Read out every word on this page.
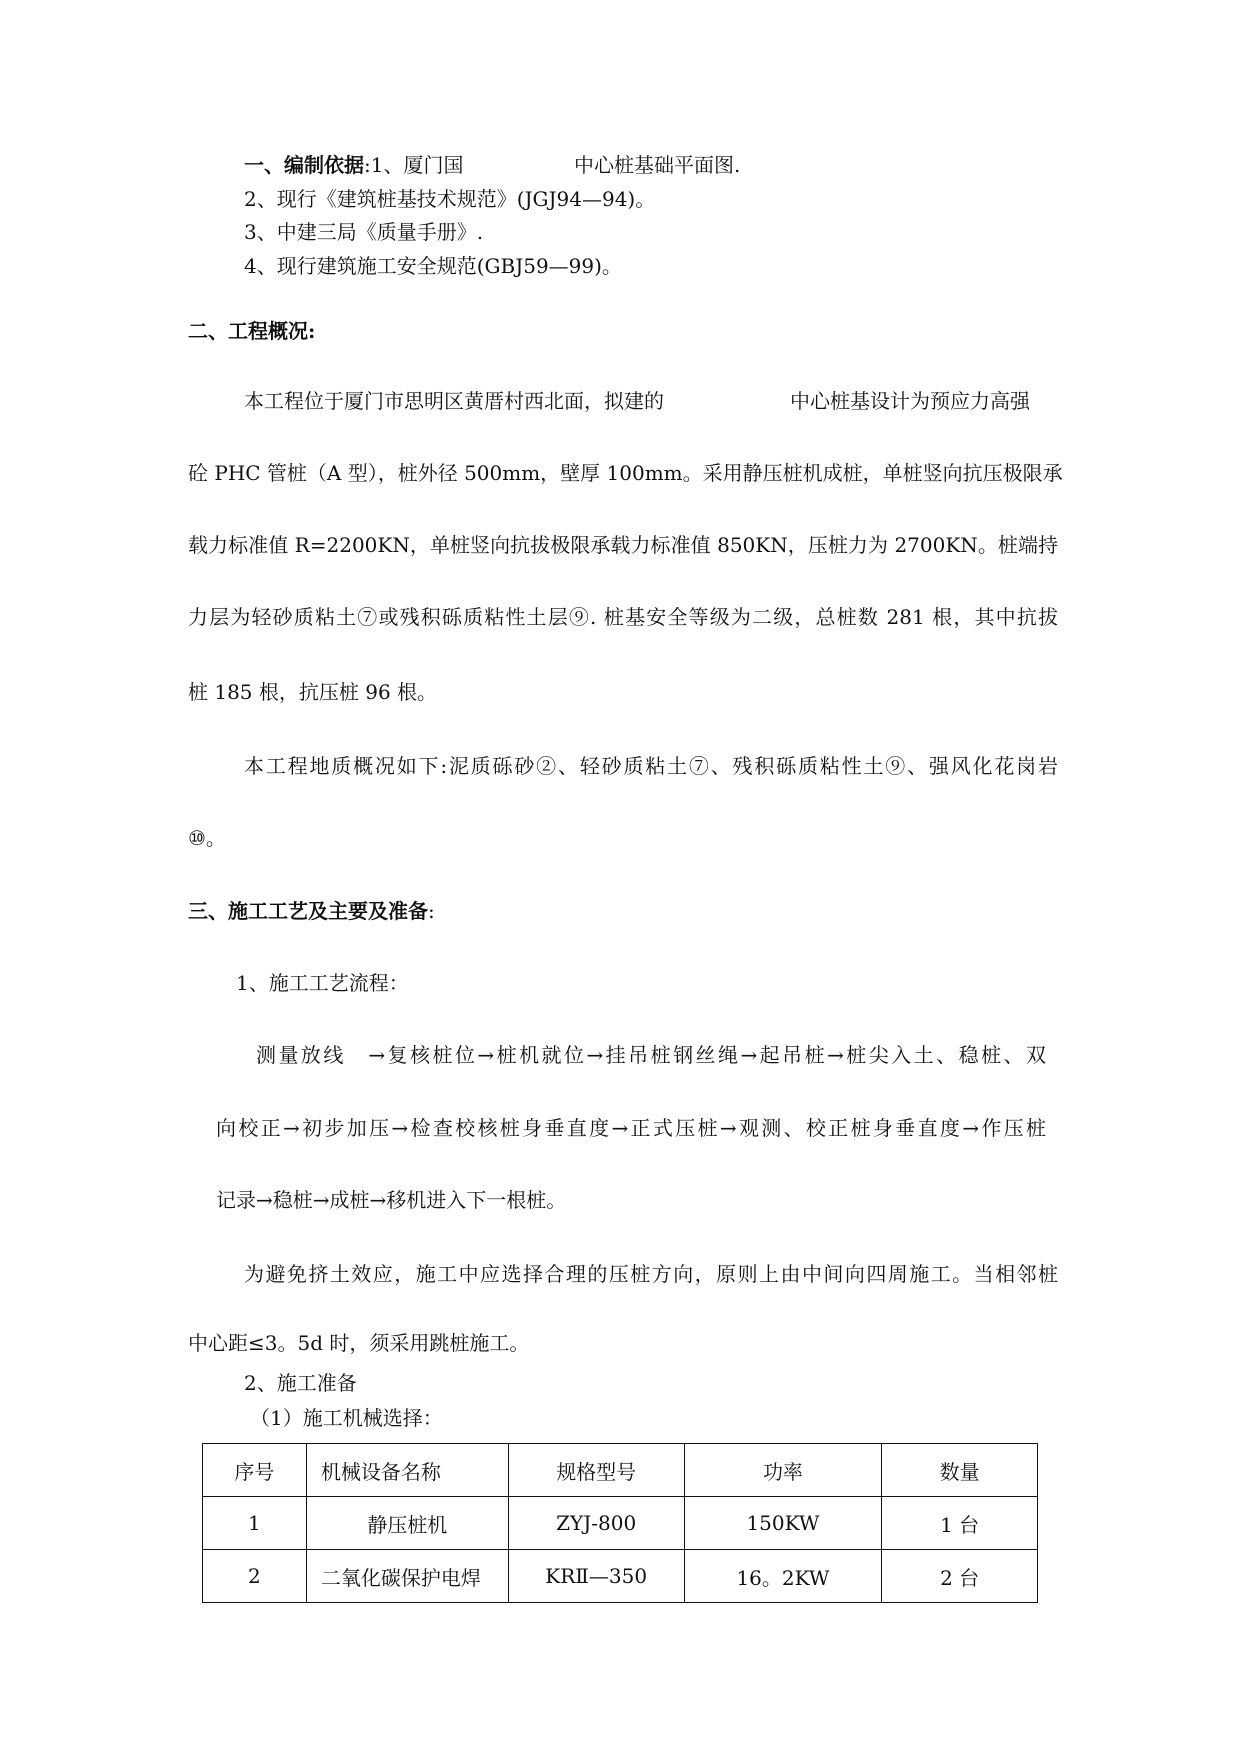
一、编制依据:1、厦门国	中心桩基础平面图.
2、现行《建筑桩基技术规范》(JGJ94—94)。
3、中建三局《质量手册》.
4、现行建筑施工安全规范(GBJ59—99)。
二、工程概况:
本工程位于厦门市思明区黄厝村西北面，拟建的	中心桩基设计为预应力高强
砼 PHC 管桩（A 型），桩外径 500mm，壁厚 100mm。采用静压桩机成桩，单桩竖向抗压极限承
载力标准值 R=2200KN，单桩竖向抗拔极限承载力标准值 850KN，压桩力为 2700KN。桩端持
力层为轻砂质粘土⑦或残积砾质粘性土层⑨. 桩基安全等级为二级，总桩数 281 根，其中抗拔
桩 185 根，抗压桩 96 根。
本工程地质概况如下:泥质砾砂②、轻砂质粘土⑦、残积砾质粘性土⑨、强风化花岗岩
⑩。
三、施工工艺及主要及准备:
1、施工工艺流程：
测量放线　→复核桩位→桩机就位→挂吊桩钢丝绳→起吊桩→桩尖入土、稳桩、双
向校正→初步加压→检查校核桩身垂直度→正式压桩→观测、校正桩身垂直度→作压桩
记录→稳桩→成桩→移机进入下一根桩。
为避免挤土效应，施工中应选择合理的压桩方向，原则上由中间向四周施工。当相邻桩
中心距≤3。5d 时，须采用跳桩施工。
2、施工准备
（1）施工机械选择：
序号	机械设备名称	规格型号	功率	数量
1	静压桩机	ZYJ-800	150KW	1 台
2	二氧化碳保护电焊	KRⅡ—350	16。2KW	2 台
